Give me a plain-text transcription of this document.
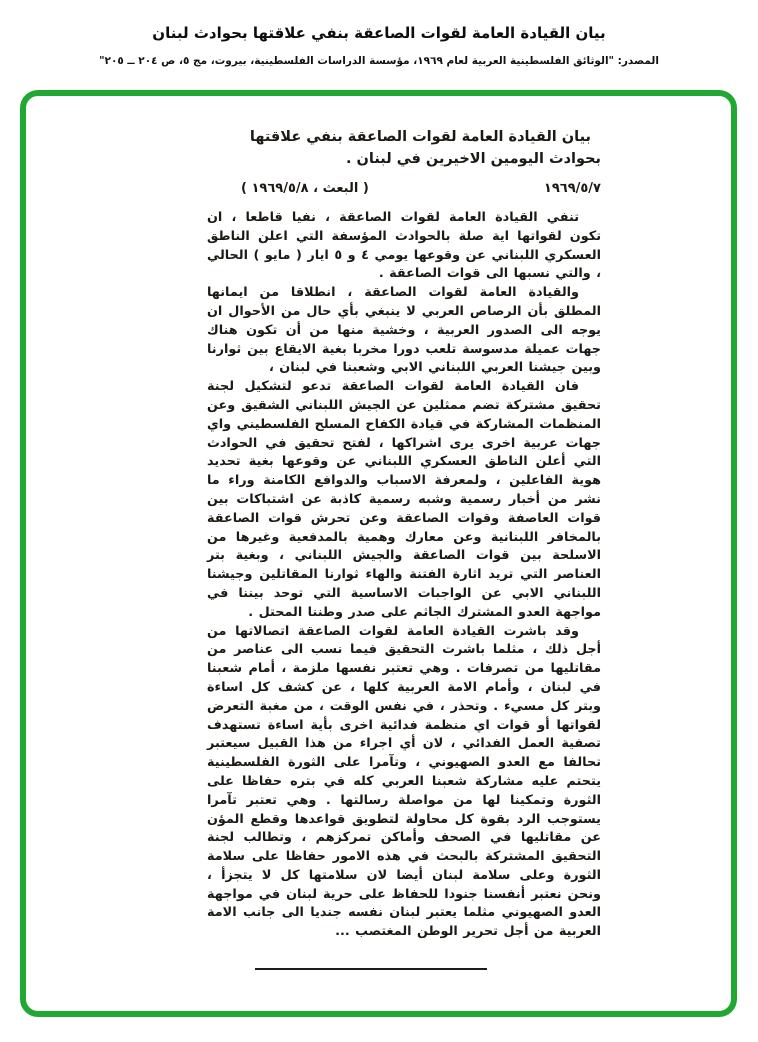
بيان القيادة العامة لقوات الصاعقة بنفي علاقتها بحوادث لبنان
المصدر: "الوثائق الفلسطينية العربية لعام ١٩٦٩، مؤسسة الدراسات الفلسطينية، بيروت، مج ٥، ص ٢٠٤ ــ ٢٠٥"
بيان القيادة العامة لقوات الصاعقة بنفي علاقتها بحوادث اليومين الاخيرين في لبنان .
١٩٦٩/٥/٧
( البعث ، ١٩٦٩/٥/٨ )

تنفي القيادة العامة لقوات الصاعقة ، نفيا قاطعا ، ان تكون لقواتها اية صلة بالحوادث المؤسفة التي اعلن الناطق العسكري اللبناني عن وقوعها يومي ٤ و ٥ ايار ( مايو ) الحالي ، والتي نسبها الى قوات الصاعقة .

والقيادة العامة لقوات الصاعقة ، انطلاقا من ايمانها المطلق بأن الرصاص العربي لا ينبغي بأي حال من الأحوال ان يوجه الى الصدور العربية ، وخشية منها من أن تكون هناك جهات عميلة مدسوسة تلعب دورا مخربا بغية الايقاع بين ثوارنا وبين جيشنا العربي اللبناني الابي وشعبنا في لبنان ،

فان القيادة العامة لقوات الصاعقة تدعو لتشكيل لجنة تحقيق مشتركة تضم ممثلين عن الجيش اللبناني الشقيق وعن المنظمات المشاركة في قيادة الكفاح المسلح الفلسطيني واي جهات عربية اخرى يرى اشراكها ، لفتح تحقيق في الحوادث التي أعلن الناطق العسكري اللبناني عن وقوعها بغية تحديد هوية الفاعلين ، ولمعرفة الاسباب والدوافع الكامنة وراء ما نشر من أخبار رسمية وشبه رسمية كاذبة عن اشتباكات بين قوات العاصفة وقوات الصاعقة وعن تحرش قوات الصاعقة بالمخافر اللبنانية وعن معارك وهمية بالمدفعية وغيرها من الاسلحة بين قوات الصاعقة والجيش اللبناني ، وبغية بتر العناصر التي تريد اثارة الفتنة والهاء ثوارنا المقاتلين وجيشنا اللبناني الابي عن الواجبات الاساسية التي توحد بيننا في مواجهة العدو المشترك الجاثم على صدر وطننا المحتل .

وقد باشرت القيادة العامة لقوات الصاعقة اتصالاتها من أجل ذلك ، مثلما باشرت التحقيق فيما نسب الى عناصر من مقاتليها من تصرفات . وهي تعتبر نفسها ملزمة ، أمام شعبنا في لبنان ، وأمام الامة العربية كلها ، عن كشف كل اساءة وبتر كل مسيء . وتحذر ، في نفس الوقت ، من مغبة التعرض لقواتها أو قوات اي منظمة فدائية اخرى بأية اساءة تستهدف تصفية العمل الفدائي ، لان أي اجراء من هذا القبيل سيعتبر تحالفا مع العدو الصهيوني ، وتآمرا على الثورة الفلسطينية يتحتم عليه مشاركة شعبنا العربي كله في بتره حفاظا على الثورة وتمكينا لها من مواصلة رسالتها . وهي تعتبر تآمرا يستوجب الرد بقوة كل محاولة لتطويق قواعدها وقطع المؤن عن مقاتليها في الصحف وأماكن تمركزهم ، وتطالب لجنة التحقيق المشتركة بالبحث في هذه الامور حفاظا على سلامة الثورة وعلى سلامة لبنان أيضا لان سلامتها كل لا يتجزأ ، ونحن نعتبر أنفسنا جنودا للحفاظ على حرية لبنان في مواجهة العدو الصهيوني مثلما يعتبر لبنان نفسه جنديا الى جانب الامة العربية من أجل تحرير الوطن المغتصب ...
